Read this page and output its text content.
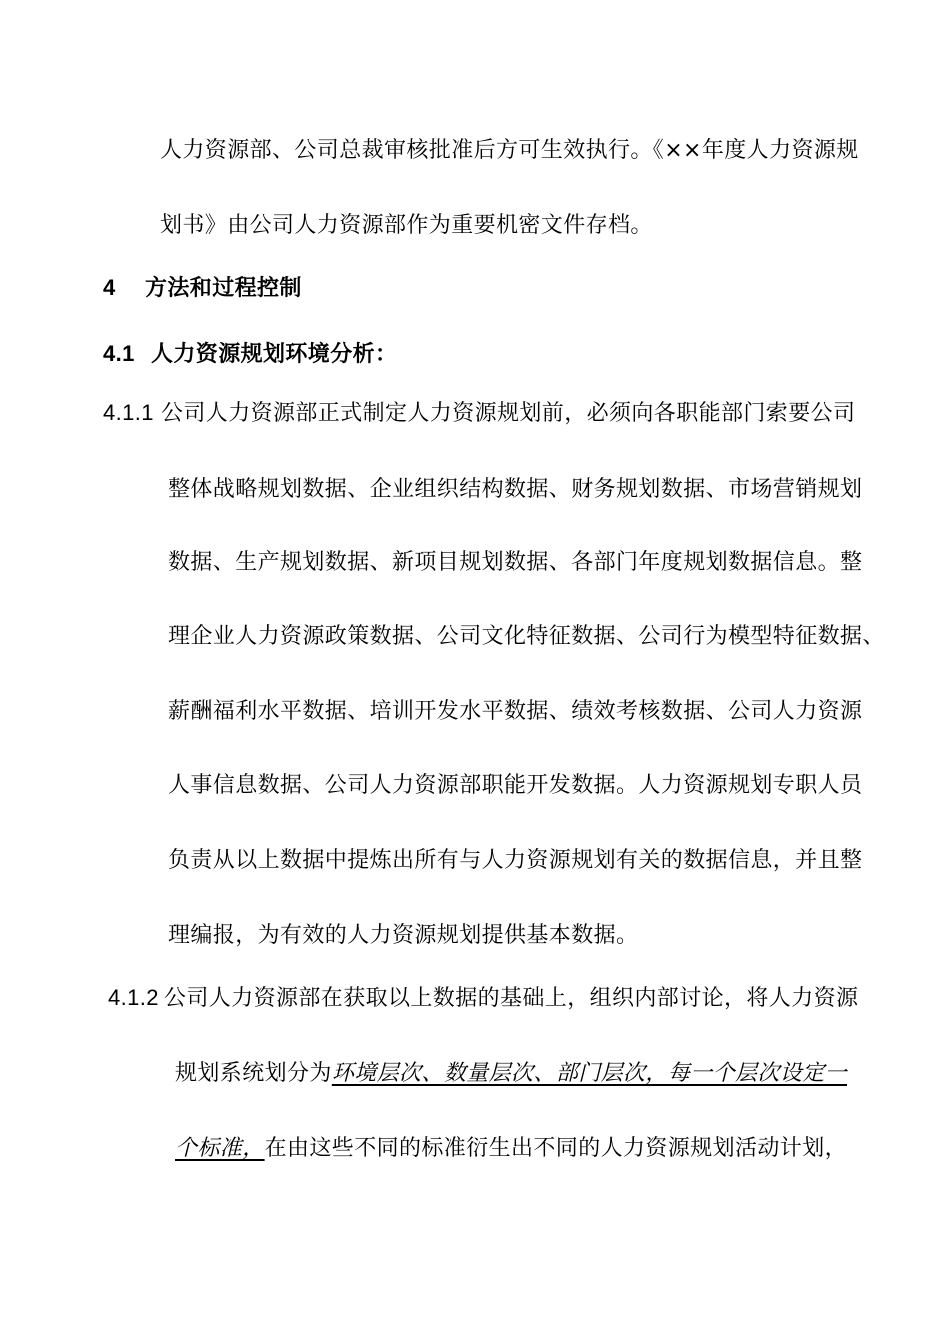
人力资源部、公司总裁审核批准后方可生效执行。《××年度人力资源规
划书》由公司人力资源部作为重要机密文件存档。
4 方法和过程控制
4.1 人力资源规划环境分析：
4.1.1 公司人力资源部正式制定人力资源规划前，必须向各职能部门索要公司
整体战略规划数据、企业组织结构数据、财务规划数据、市场营销规划
数据、生产规划数据、新项目规划数据、各部门年度规划数据信息。整
理企业人力资源政策数据、公司文化特征数据、公司行为模型特征数据、
薪酬福利水平数据、培训开发水平数据、绩效考核数据、公司人力资源
人事信息数据、公司人力资源部职能开发数据。人力资源规划专职人员
负责从以上数据中提炼出所有与人力资源规划有关的数据信息，并且整
理编报，为有效的人力资源规划提供基本数据。
4.1.2 公司人力资源部在获取以上数据的基础上，组织内部讨论，将人力资源
规划系统划分为环境层次、数量层次、部门层次，每一个层次设定一
个标准，在由这些不同的标准衍生出不同的人力资源规划活动计划，
